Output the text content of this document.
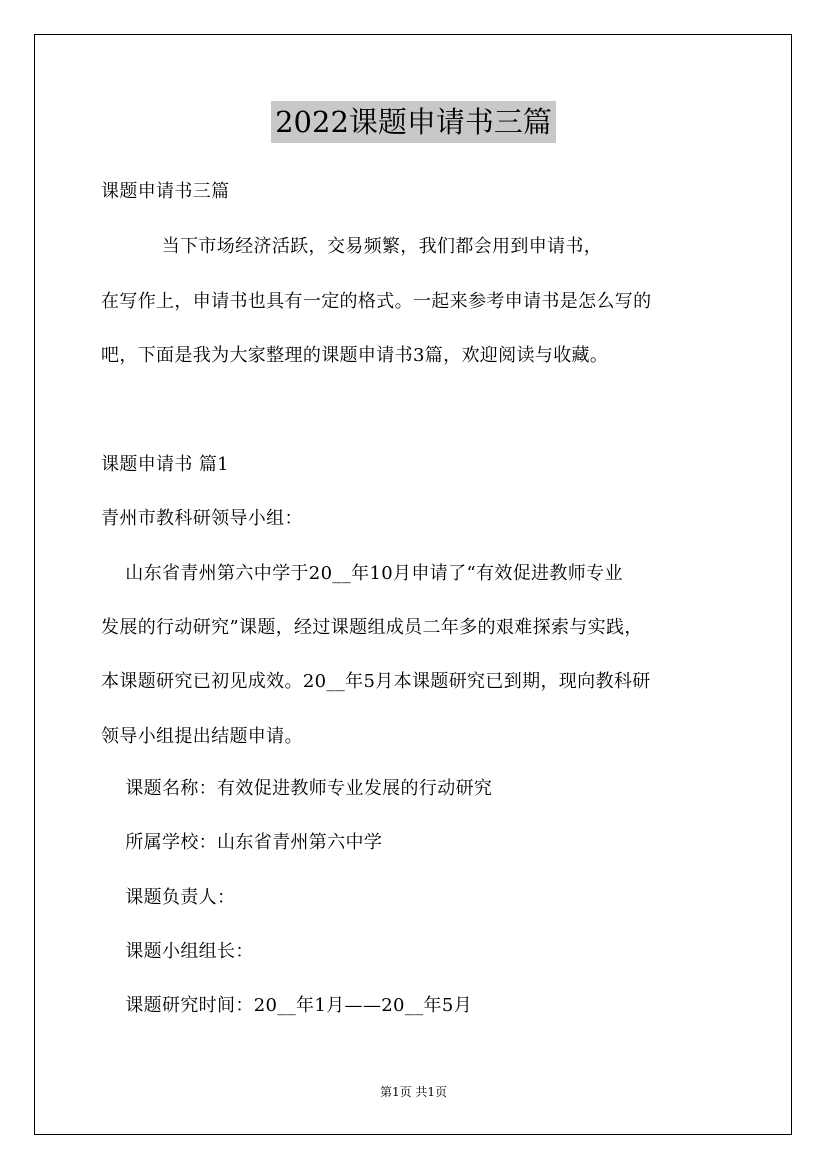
2022课题申请书三篇
课题申请书三篇
当下市场经济活跃，交易频繁，我们都会用到申请书，
在写作上，申请书也具有一定的格式。一起来参考申请书是怎么写的
吧，下面是我为大家整理的课题申请书3篇，欢迎阅读与收藏。
课题申请书 篇1
青州市教科研领导小组：
山东省青州第六中学于20__年10月申请了“有效促进教师专业
发展的行动研究”课题，经过课题组成员二年多的艰难探索与实践，
本课题研究已初见成效。20__年5月本课题研究已到期，现向教科研
领导小组提出结题申请。
课题名称：有效促进教师专业发展的行动研究
所属学校：山东省青州第六中学
课题负责人：
课题小组组长：
课题研究时间：20__年1月——20__年5月
第1页 共1页
